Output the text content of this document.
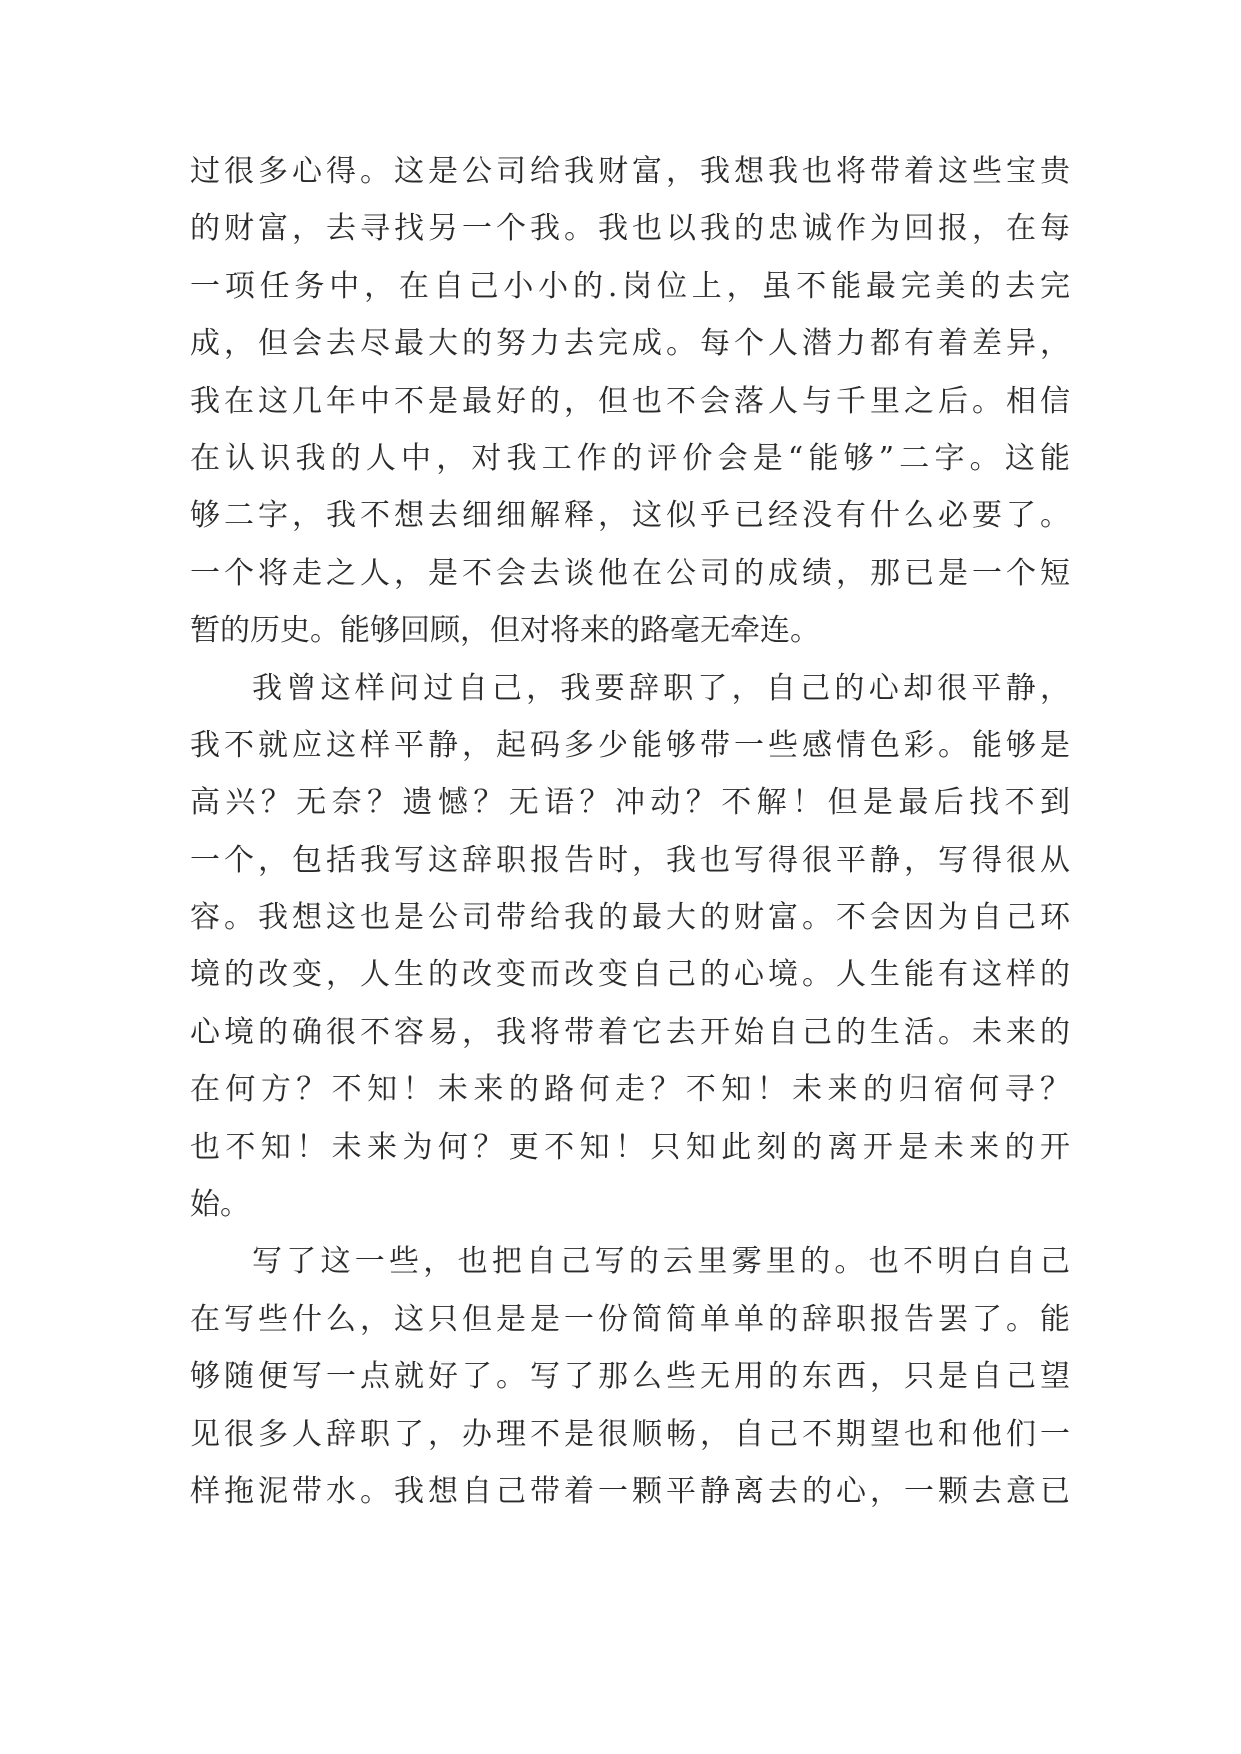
过很多心得。这是公司给我财富，我想我也将带着这些宝贵
的财富，去寻找另一个我。我也以我的忠诚作为回报，在每
一项任务中，在自己小小的.岗位上，虽不能最完美的去完
成，但会去尽最大的努力去完成。每个人潜力都有着差异，
我在这几年中不是最好的，但也不会落人与千里之后。相信
在认识我的人中，对我工作的评价会是“能够”二字。这能
够二字，我不想去细细解释，这似乎已经没有什么必要了。
一个将走之人，是不会去谈他在公司的成绩，那已是一个短
暂的历史。能够回顾，但对将来的路毫无牵连。
我曾这样问过自己，我要辞职了，自己的心却很平静，
我不就应这样平静，起码多少能够带一些感情色彩。能够是
高兴？无奈？遗憾？无语？冲动？不解！但是最后找不到
一个，包括我写这辞职报告时，我也写得很平静，写得很从
容。我想这也是公司带给我的最大的财富。不会因为自己环
境的改变，人生的改变而改变自己的心境。人生能有这样的
心境的确很不容易，我将带着它去开始自己的生活。未来的
在何方？不知！未来的路何走？不知！未来的归宿何寻？
也不知！未来为何？更不知！只知此刻的离开是未来的开
始。
写了这一些，也把自己写的云里雾里的。也不明白自己
在写些什么，这只但是是一份简简单单的辞职报告罢了。能
够随便写一点就好了。写了那么些无用的东西，只是自己望
见很多人辞职了，办理不是很顺畅，自己不期望也和他们一
样拖泥带水。我想自己带着一颗平静离去的心，一颗去意已
